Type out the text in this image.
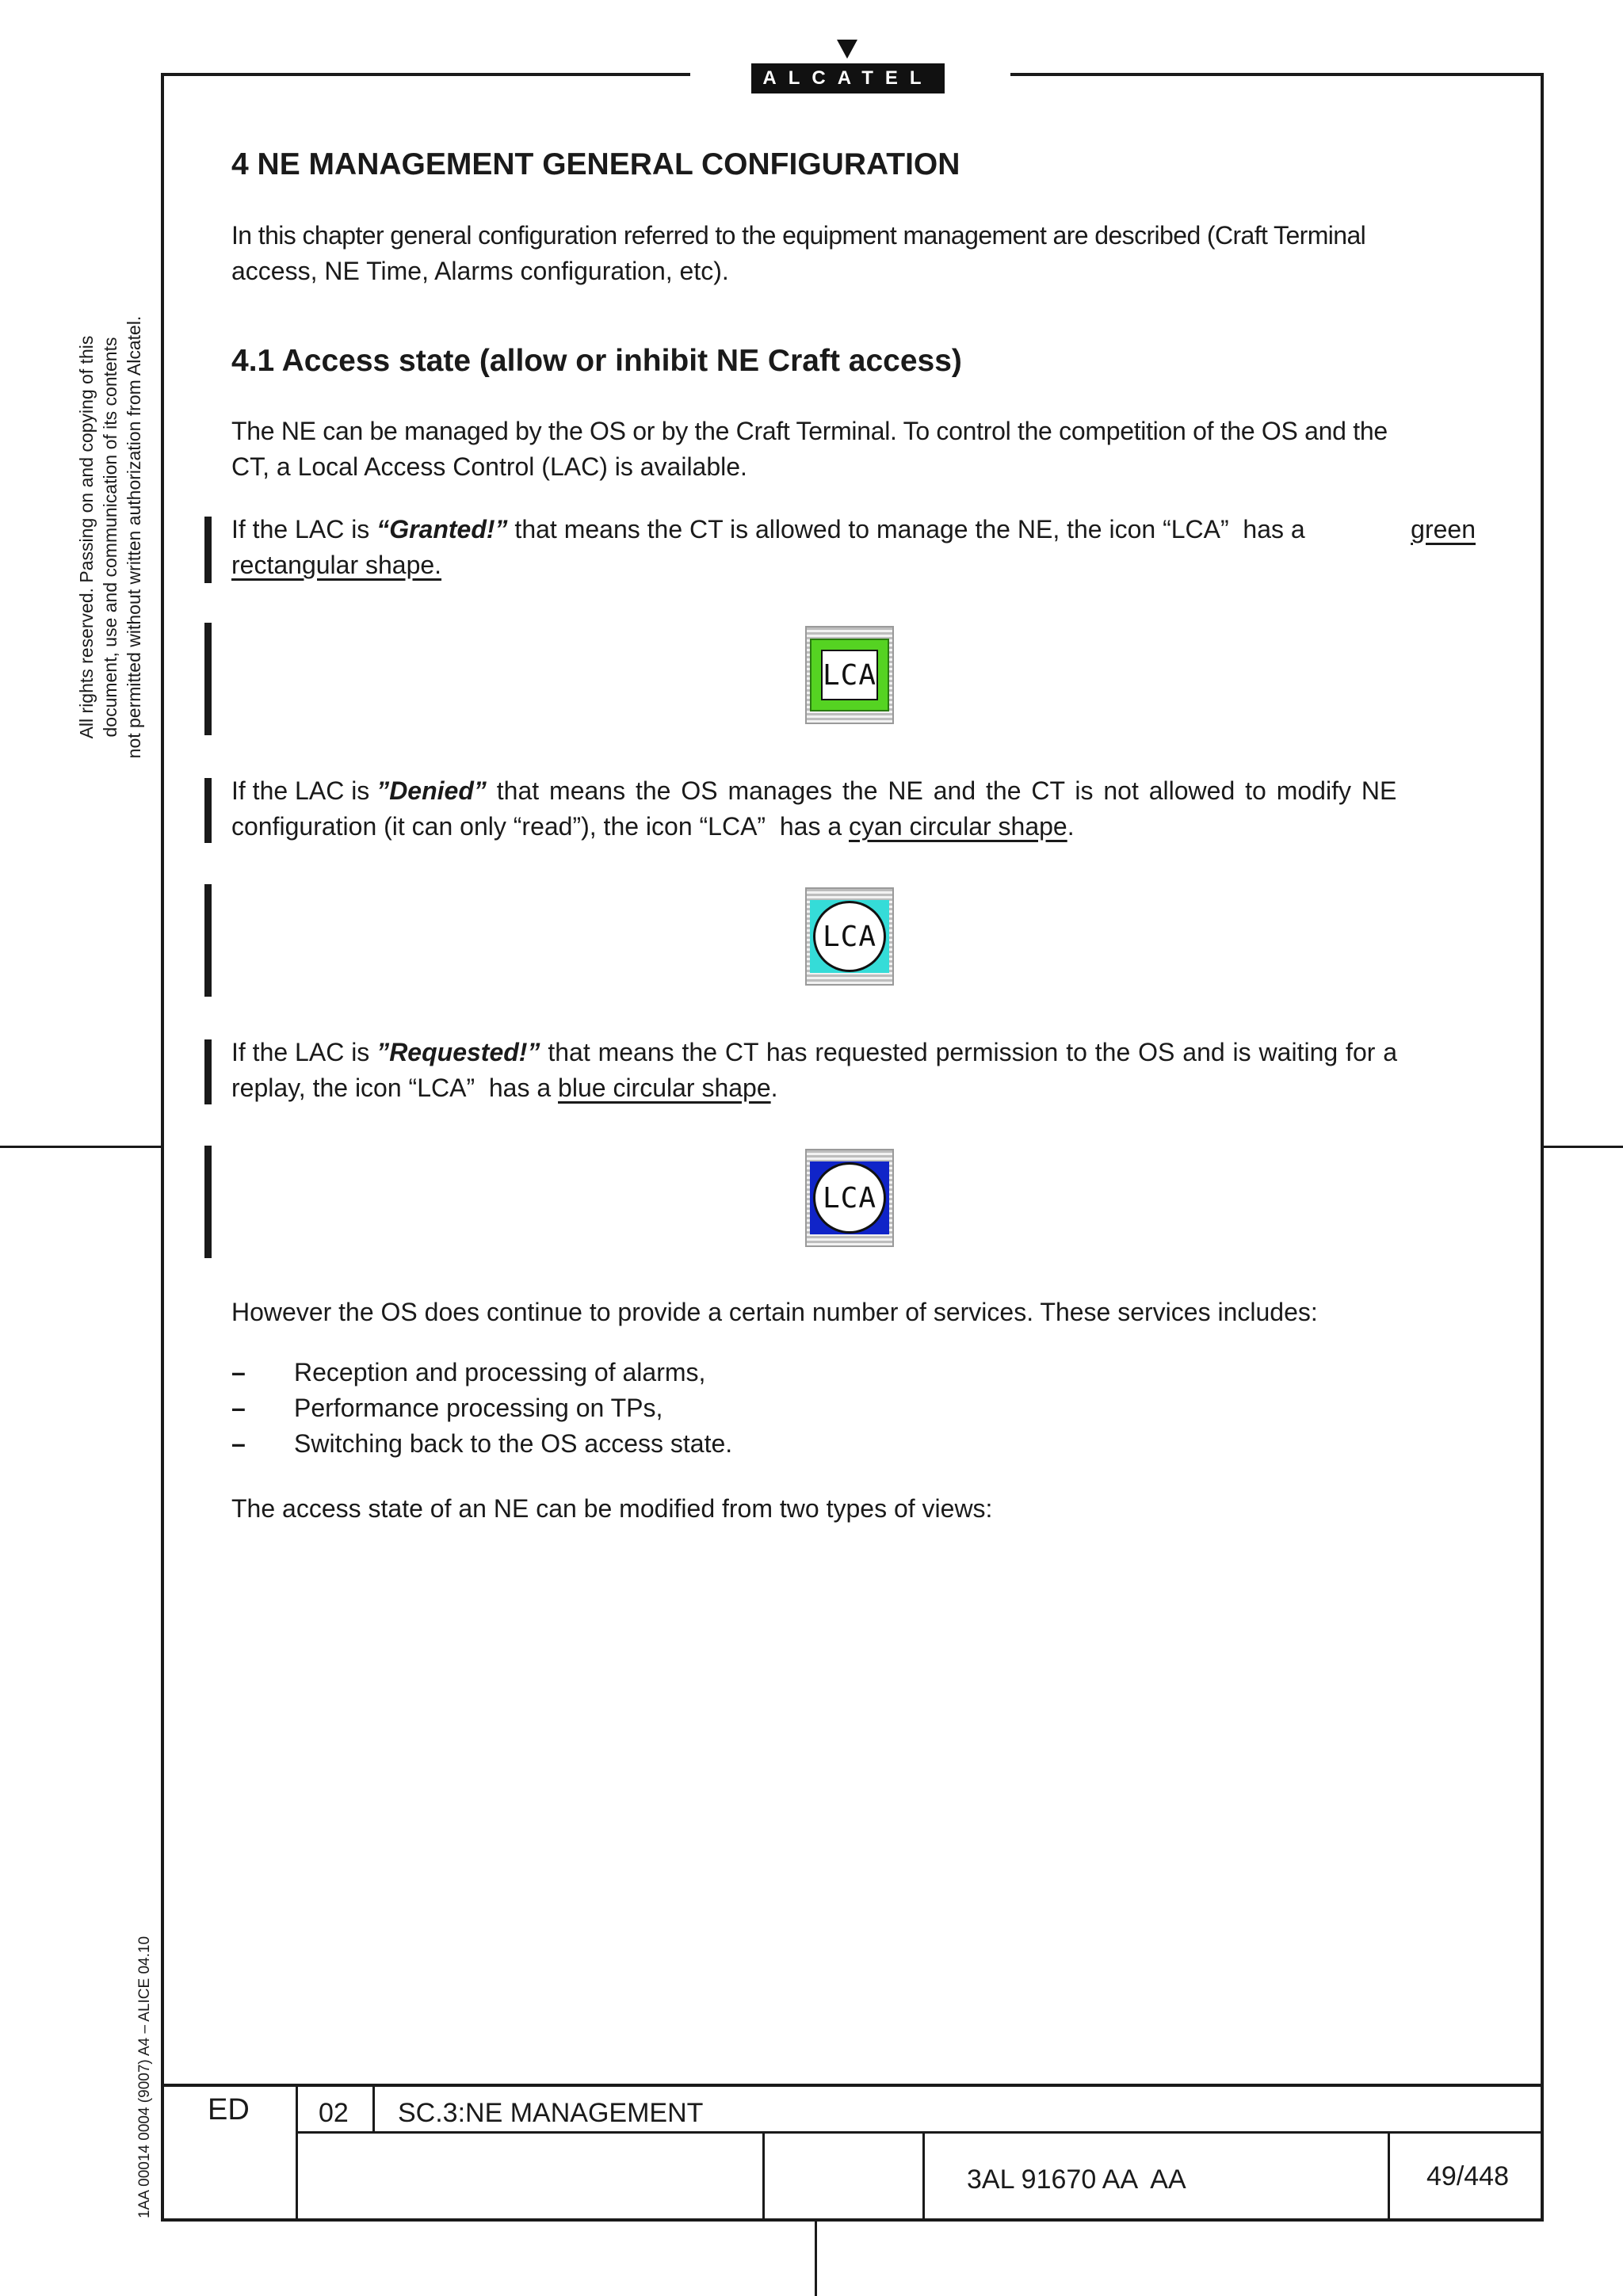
ALCATEL
All rights reserved. Passing on and copying of this document, use and communication of its contents not permitted without written authorization from Alcatel.
1AA 00014 0004 (9007) A4 – ALICE 04.10
4 NE MANAGEMENT GENERAL CONFIGURATION
In this chapter general configuration referred to the equipment management are described (Craft Terminal
access, NE Time, Alarms configuration, etc).
4.1 Access state (allow or inhibit NE Craft access)
The NE can be managed by the OS or by the Craft Terminal. To control the competition of the OS and the
CT, a Local Access Control (LAC) is available.
If the LAC is “Granted!” that means the CT is allowed to manage the NE, the icon “LCA”  has a	green
rectangular shape.
LCA
If the LAC is ”Denied” that means the OS manages the NE and the CT is not allowed to modify NE
configuration (it can only “read”), the icon “LCA”  has a cyan circular shape.
LCA
If the LAC is ”Requested!” that means the CT has requested permission to the OS and is waiting for a
replay, the icon “LCA”  has a blue circular shape.
LCA
However the OS does continue to provide a certain number of services. These services includes:
– Reception and processing of alarms,
– Performance processing on TPs,
– Switching back to the OS access state.
The access state of an NE can be modified from two types of views:
ED	02 SC.3:NE MANAGEMENT
3AL 91670 AA  AA	49/448
